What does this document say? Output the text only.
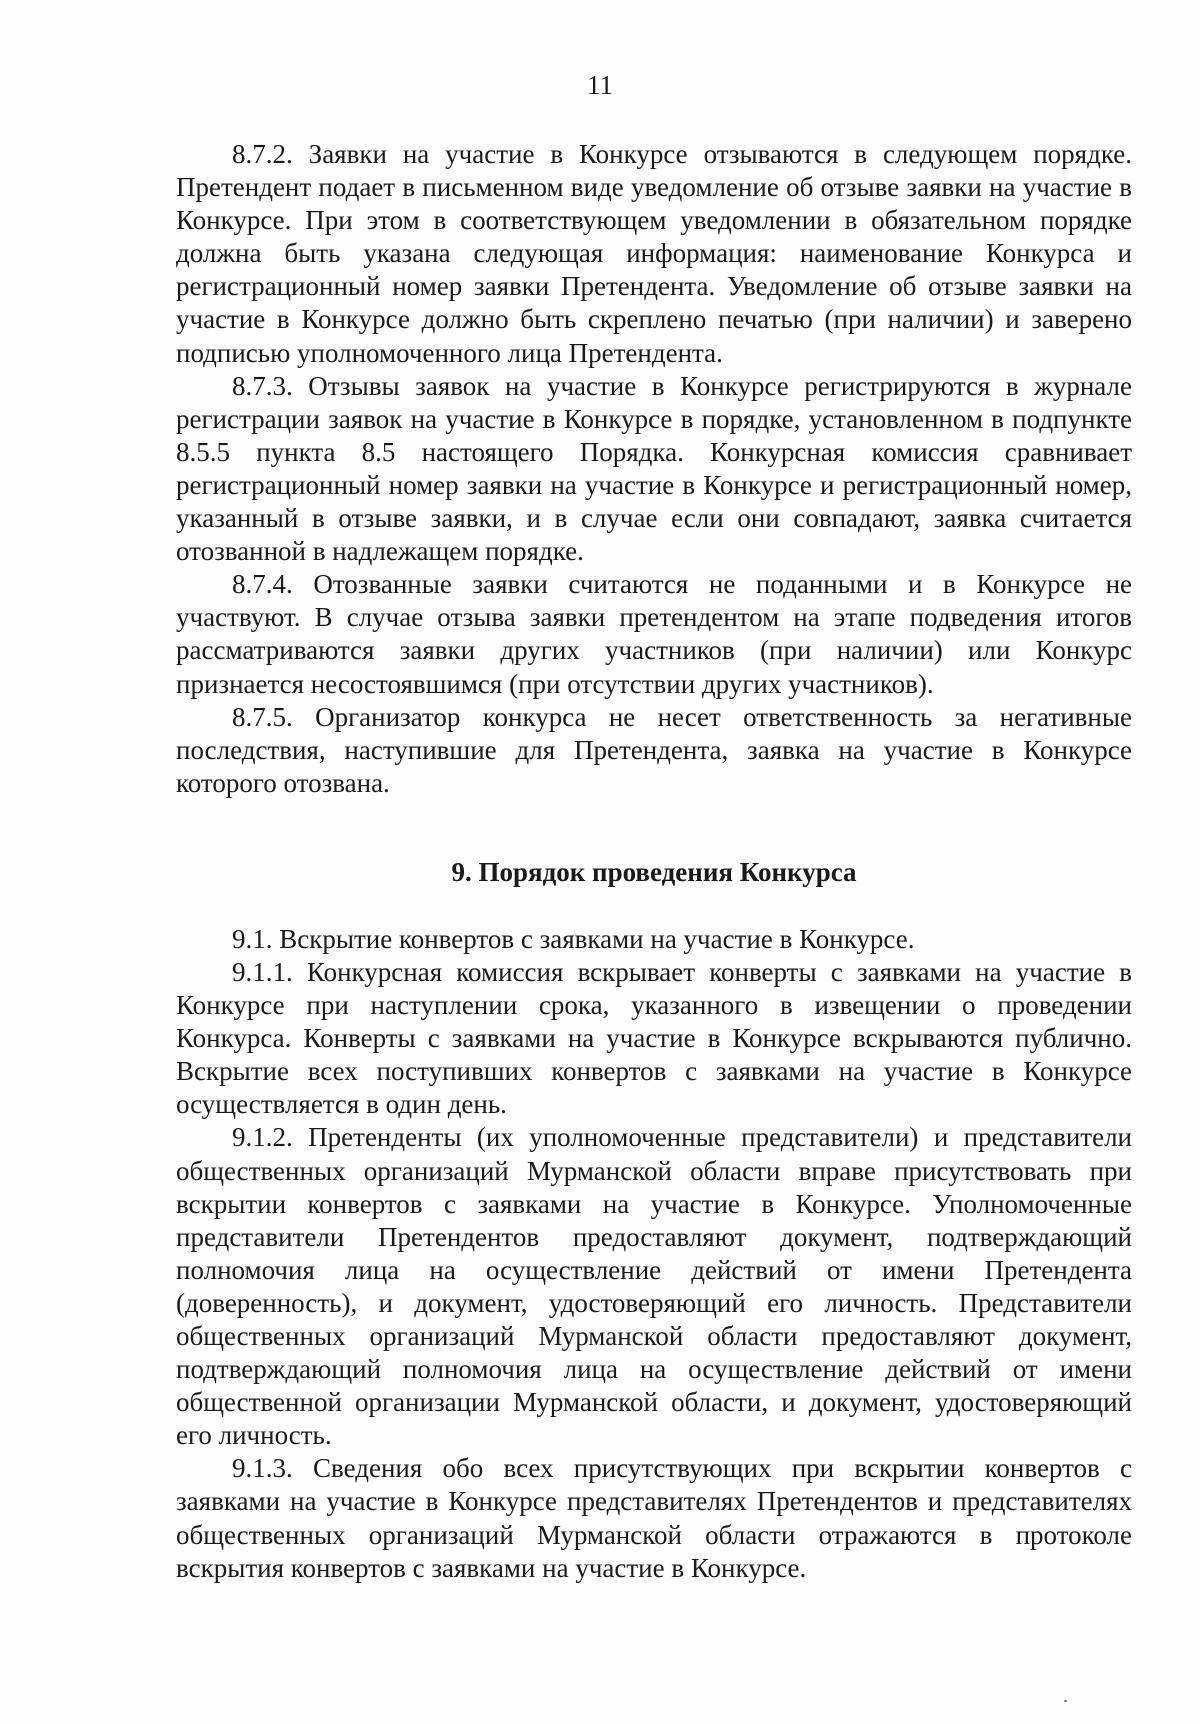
11

8.7.2. Заявки на участие в Конкурсе отзываются в следующем порядке. Претендент подает в письменном виде уведомление об отзыве заявки на участие в Конкурсе. При этом в соответствующем уведомлении в обязательном порядке должна быть указана следующая информация: наименование Конкурса и регистрационный номер заявки Претендента. Уведомление об отзыве заявки на участие в Конкурсе должно быть скреплено печатью (при наличии) и заверено подписью уполномоченного лица Претендента.

8.7.3. Отзывы заявок на участие в Конкурсе регистрируются в журнале регистрации заявок на участие в Конкурсе в порядке, установленном в подпункте 8.5.5 пункта 8.5 настоящего Порядка. Конкурсная комиссия сравнивает регистрационный номер заявки на участие в Конкурсе и регистрационный номер, указанный в отзыве заявки, и в случае если они совпадают, заявка считается отозванной в надлежащем порядке.

8.7.4. Отозванные заявки считаются не поданными и в Конкурсе не участвуют. В случае отзыва заявки претендентом на этапе подведения итогов рассматриваются заявки других участников (при наличии) или Конкурс признается несостоявшимся (при отсутствии других участников).

8.7.5. Организатор конкурса не несет ответственность за негативные последствия, наступившие для Претендента, заявка на участие в Конкурсе которого отозвана.

9. Порядок проведения Конкурса

9.1. Вскрытие конвертов с заявками на участие в Конкурсе.

9.1.1. Конкурсная комиссия вскрывает конверты с заявками на участие в Конкурсе при наступлении срока, указанного в извещении о проведении Конкурса. Конверты с заявками на участие в Конкурсе вскрываются публично. Вскрытие всех поступивших конвертов с заявками на участие в Конкурсе осуществляется в один день.

9.1.2. Претенденты (их уполномоченные представители) и представители общественных организаций Мурманской области вправе присутствовать при вскрытии конвертов с заявками на участие в Конкурсе. Уполномоченные представители Претендентов предоставляют документ, подтверждающий полномочия лица на осуществление действий от имени Претендента (доверенность), и документ, удостоверяющий его личность. Представители общественных организаций Мурманской области предоставляют документ, подтверждающий полномочия лица на осуществление действий от имени общественной организации Мурманской области, и документ, удостоверяющий его личность.

9.1.3. Сведения обо всех присутствующих при вскрытии конвертов с заявками на участие в Конкурсе представителях Претендентов и представителях общественных организаций Мурманской области отражаются в протоколе вскрытия конвертов с заявками на участие в Конкурсе.
